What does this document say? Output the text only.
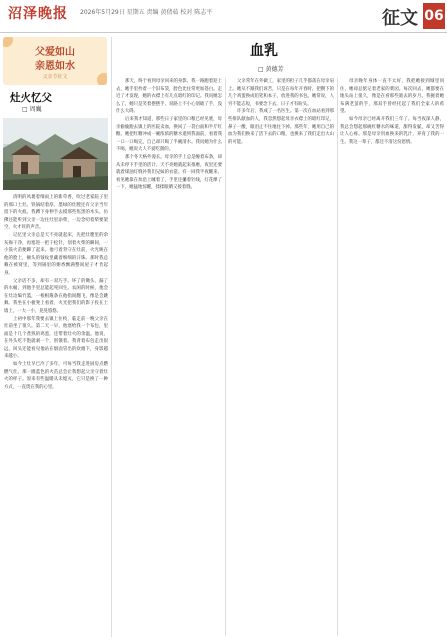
沼泽晚报 2026年5月29日 星期五 责编 黄倩茹 校对 陈志平	征文 06
父爱如山
亲恩如水
父亲节征文
灶火忆父
□ 周巍

清明的风裹着细雨上的新草香，吹过老家院子里的那口土灶。铁锅结着厚，墨绿的灶膛还有父亲当年留下的火痕。我蹲下身伸手去摸那些焦黑的木头，仿佛还能听到父亲一边往灶里添柴，一边念叨着柴要架空，火才旺的声音。

记忆里父亲总是天不亮就起床，先把灶膛里的余灰掏干净，再塞进一把干松针，划着火柴的瞬间，一小簇火苗便蹿了起来。他弓着背守在灶前，火光映在他的脸上，额头的皱纹里藏着细细的汗珠。那时我总赖在被窝里，等到锅里的粥香飘满整间屋子才肯起身。

父亲话不多，却有一双巧手。坏了的锄头、漏了的水桶，到他手里总能起死回生。农闲的时候，他会在灶边编竹篮，一根根篾条在他指间翻飞，像是会跳舞。我坐在小板凳上看着，火光把我们的影子投在土墙上，一大一小，晃晃悠悠。

上初中那年我要去镇上住校，临走前一晚父亲在灶前坐了很久。第二天一早，他塞给我一个布包，里面是十几个煮熟的鸡蛋，还带着灶火的余温。他说，在外头吃不饱就剥一个，别饿着。我背着布包走出很远，回头还能看见他站在烟囱冒出的炊烟下，身影越来越小。

如今土灶早已冷了多年，可每当我走进厨房点燃燃气灶，那一圈蓝色的火苗总会让我想起父亲守着灶火的样子。原来有些温暖从未熄灭，它只是换了一种方式，一直烧在我的心里。

血乳
□ 黄德芳

那天，终于看到母亲回来的身影，我一路跑着迎上去，她手里拎着一个旧布袋，脸色比往常更加苍白。走近了才发现，她的衣襟上有几点暗红的印记。我问她怎么了，她只是笑着摆摆手，说路上不小心划破了手，没什么大碍。

后来我才知道，那些日子家里的口粮已经见底，母亲偷偷跑去镇上的医院卖血，换回了一袋白面和半斤红糖。她把红糖冲成一碗浓浓的糖水递到我面前，看着我一口一口喝完，自己却只喝了半碗清水。我问她为什么不喝，她说大人不爱吃甜的。

那个冬天格外漫长。母亲的手上总是缠着布条，却从未停下手里的活计。天不亮她就起来推磨，夜里还要就着煤油灯缝补我们兄妹的衣裳。有一回我半夜醒来，看见她靠在炕沿上睡着了，手里还攥着针线，灯花爆了一下，她猛地惊醒，揉揉眼睛又接着缝。

父亲常年在外做工，家里的担子几乎都落在母亲肩上。她从不跟我们诉苦，只是在每年开春时，把攒下的几个鸡蛋换成铅笔和本子，放进我的书包。她常说，人穷不能志短，书要念下去，日子才有盼头。

许多年后，我成了一名医生。第一次在血站看到那些排队献血的人，我忽然想起母亲衣襟上的暗红印记，鼻子一酸，眼泪止不住地往下掉。那些年，她用自己的血为我们换来了活下去的口粮，也换来了我们走出大山的可能。

母亲晚年身体一直不太好，我把她接到城里同住，她却总惦记着老家的菜园。每次回去，她都要在地头站上很久，像是在看那些逝去的岁月。我握着她布满老茧的手，那双手曾经托起了我们全家人的希望。

如今母亲已经离开我们三年了。每当夜深人静，我总会想起那碗红糖水的味道，甜得发腻，却又苦得让人心疼。那是母亲用血换来的乳汁，养育了我的一生。我这一辈子，都还不清这份恩情。
